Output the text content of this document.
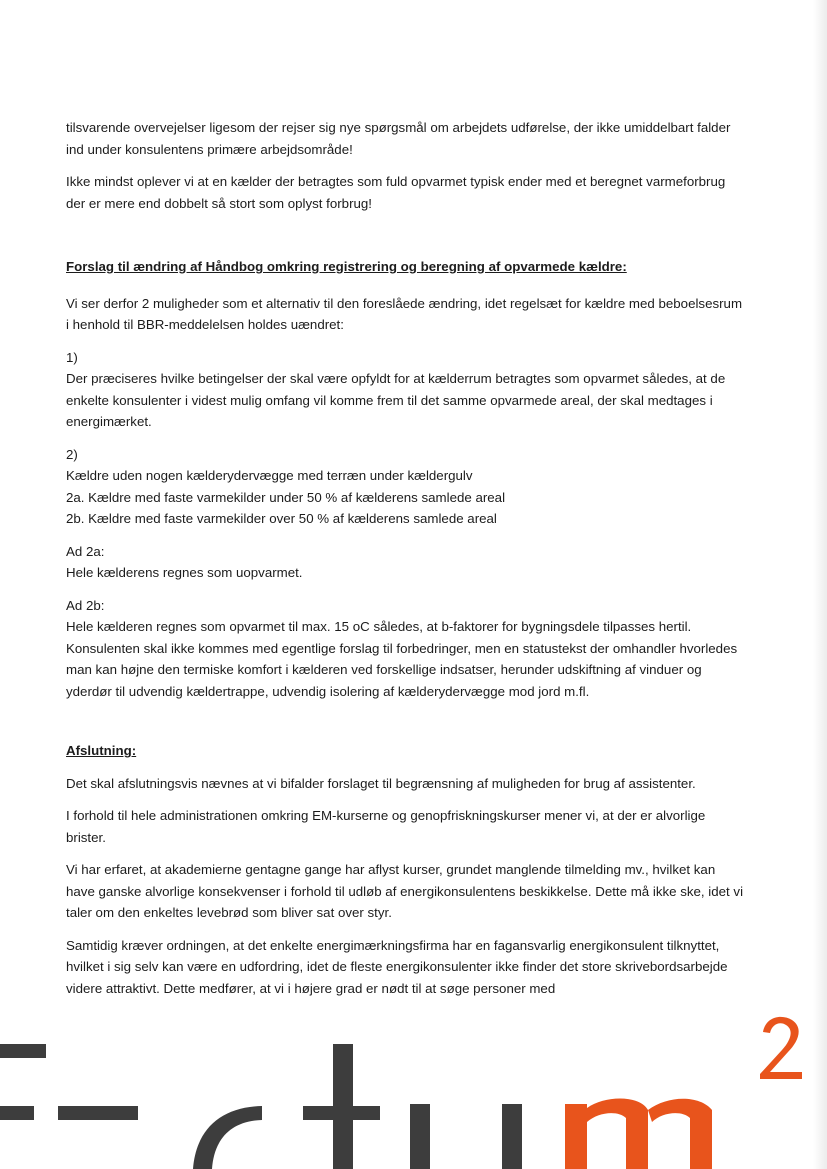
tilsvarende overvejelser ligesom der rejser sig nye spørgsmål om arbejdets udførelse, der ikke umiddelbart falder ind under konsulentens primære arbejdsområde!

Ikke mindst oplever vi at en kælder der betragtes som fuld opvarmet typisk ender med et beregnet varmeforbrug der er mere end dobbelt så stort som oplyst forbrug!

Forslag til ændring af Håndbog omkring registrering og beregning af opvarmede kældre:

Vi ser derfor 2 muligheder som et alternativ til den foreslåede ændring, idet regelsæt for kældre med beboelsesrum i henhold til BBR-meddelelsen holdes uændret:

1)

Der præciseres hvilke betingelser der skal være opfyldt for at kælderrum betragtes som opvarmet således, at de enkelte konsulenter i videst mulig omfang vil komme frem til det samme opvarmede areal, der skal medtages i energimærket.

2)

Kældre uden nogen kælderydervægge med terræn under kældergulv

2a. Kældre med faste varmekilder under 50 % af kælderens samlede areal

2b. Kældre med faste varmekilder over 50 % af kælderens samlede areal

Ad 2a:

Hele kælderens regnes som uopvarmet.

Ad 2b:

Hele kælderen regnes som opvarmet til max. 15 oC således, at b-faktorer for bygningsdele tilpasses hertil. Konsulenten skal ikke kommes med egentlige forslag til forbedringer, men en statustekst der omhandler hvorledes man kan højne den termiske komfort i kælderen ved forskellige indsatser, herunder udskiftning af vinduer og yderdør til udvendig kældertrappe, udvendig isolering af kælderydervægge mod jord m.fl.

Afslutning:

Det skal afslutningsvis nævnes at vi bifalder forslaget til begrænsning af muligheden for brug af assistenter.

I forhold til hele administrationen omkring EM-kurserne og genopfriskningskurser mener vi, at der er alvorlige brister.

Vi har erfaret, at akademierne gentagne gange har aflyst kurser, grundet manglende tilmelding mv., hvilket kan have ganske alvorlige konsekvenser i forhold til udløb af energikonsulentens beskikkelse. Dette må ikke ske, idet vi taler om den enkeltes levebrød som bliver sat over styr.

Samtidig kræver ordningen, at det enkelte energimærkningsfirma har en fagansvarlig energikonsulent tilknyttet, hvilket i sig selv kan være en udfordring, idet de fleste energikonsulenter ikke finder det store skrivebordsarbejde videre attraktivt. Dette medfører, at vi i højere grad er nødt til at søge personer med
